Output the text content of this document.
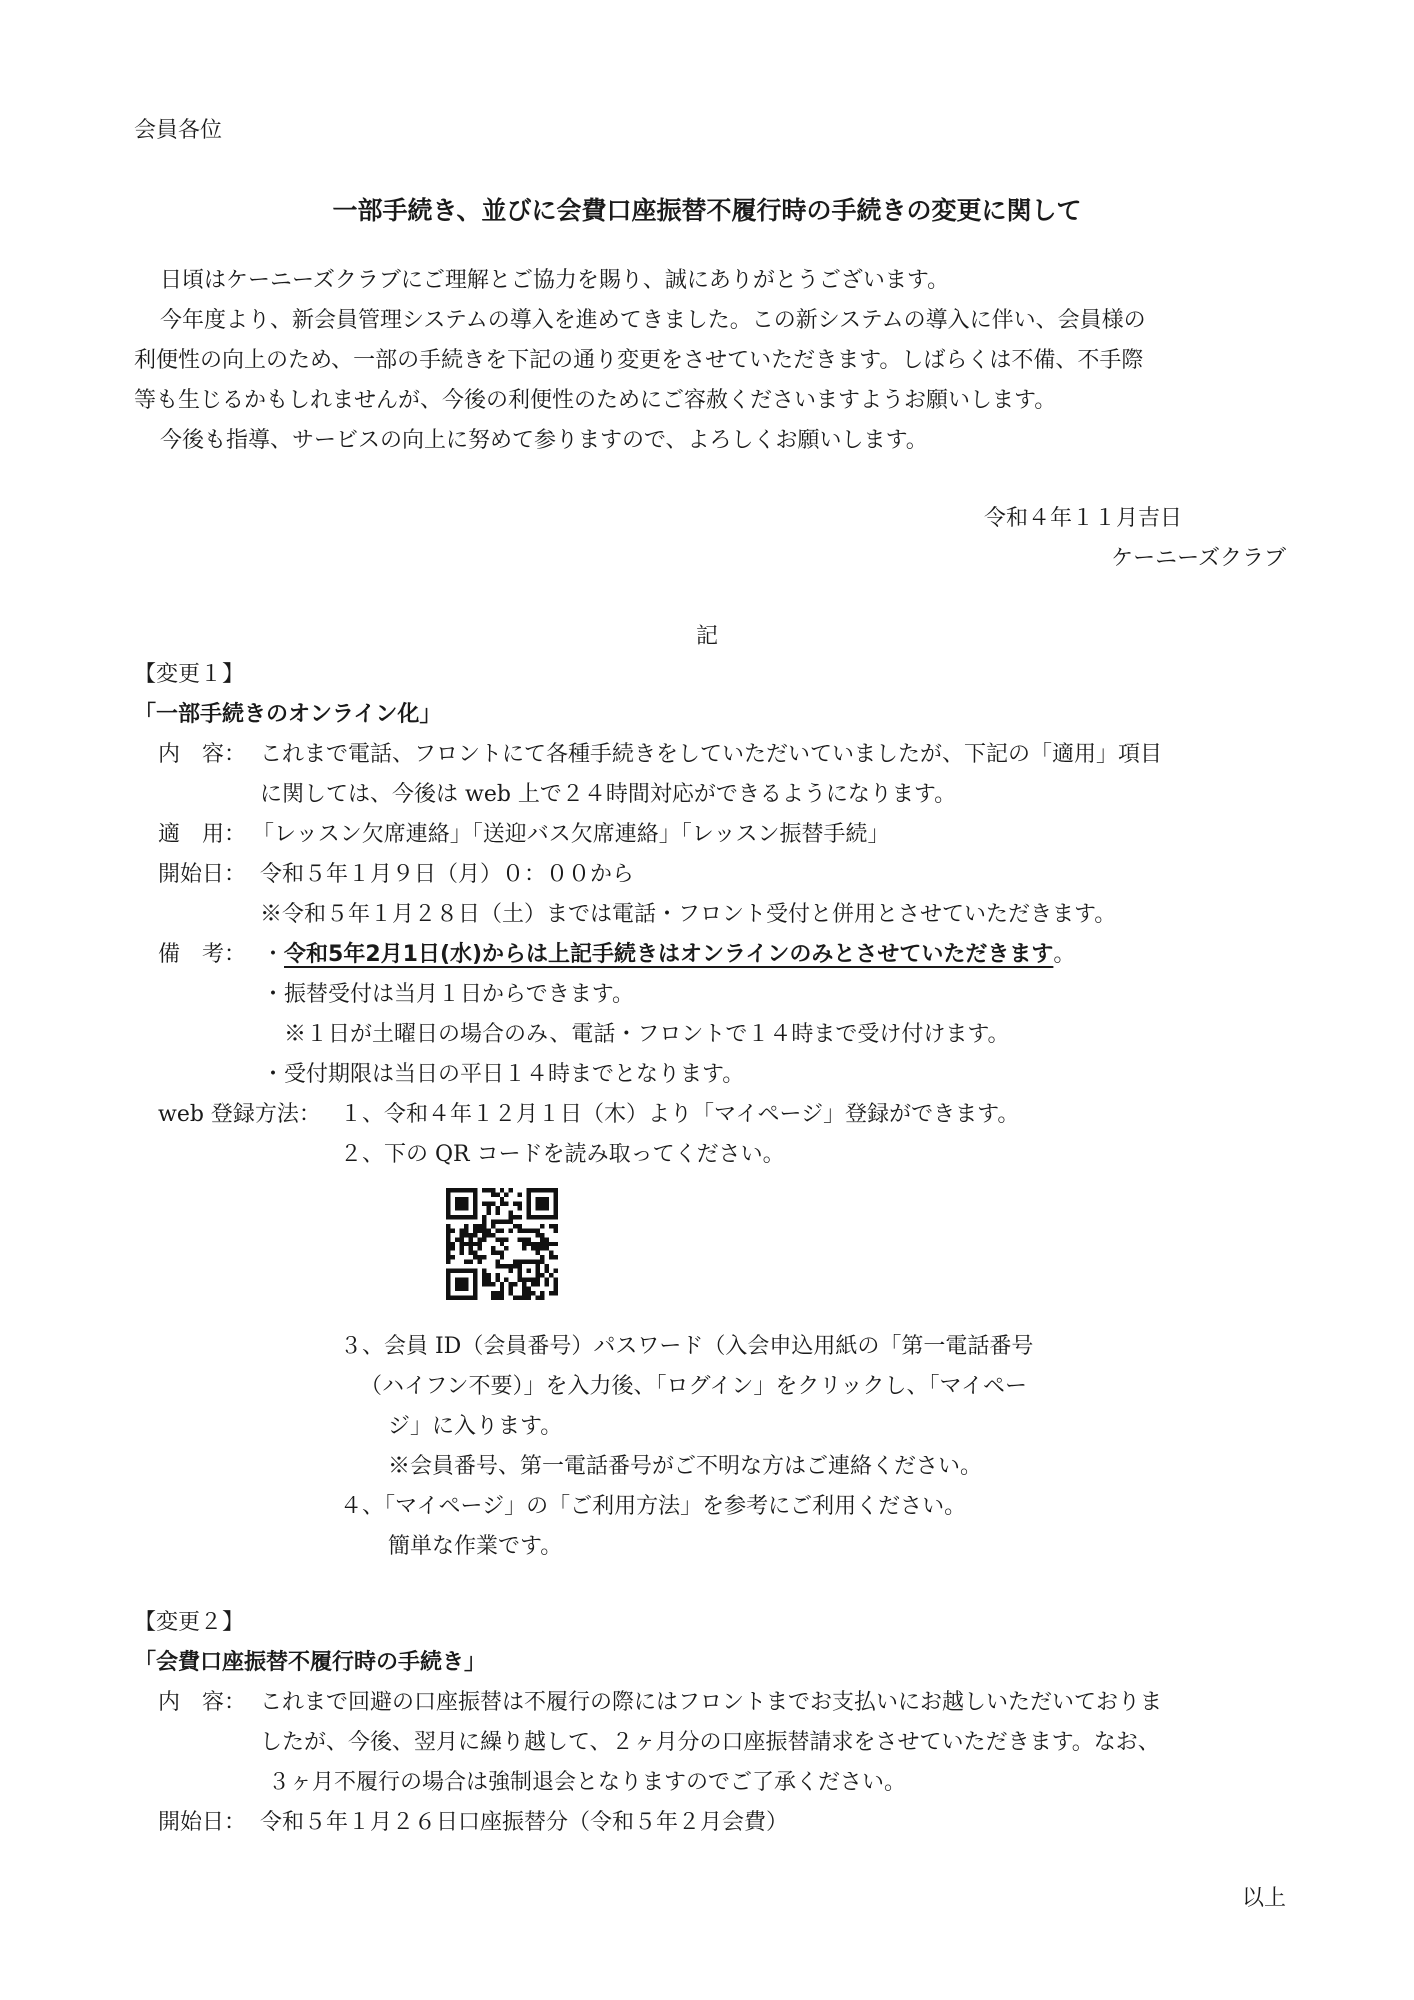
会員各位
一部手続き、並びに会費口座振替不履行時の手続きの変更に関して
日頃はケーニーズクラブにご理解とご協力を賜り、誠にありがとうございます。
今年度より、新会員管理システムの導入を進めてきました。この新システムの導入に伴い、会員様の
利便性の向上のため、一部の手続きを下記の通り変更をさせていただきます。しばらくは不備、不手際
等も生じるかもしれませんが、今後の利便性のためにご容赦くださいますようお願いします。
今後も指導、サービスの向上に努めて参りますので、よろしくお願いします。
令和４年１１月吉日
ケーニーズクラブ
記
【変更１】
「一部手続きのオンライン化」
内　容： これまで電話、フロントにて各種手続きをしていただいていましたが、下記の「適用」項目
に関しては、今後は web 上で２４時間対応ができるようになります。
適　用： 「レッスン欠席連絡」「送迎バス欠席連絡」「レッスン振替手続」
開始日： 令和５年１月９日（月）０：００から
※令和５年１月２８日（土）までは電話・フロント受付と併用とさせていただきます。
備　考： ・令和5年2月1日(水)からは上記手続きはオンラインのみとさせていただきます。
・振替受付は当月１日からできます。
※１日が土曜日の場合のみ、電話・フロントで１４時まで受け付けます。
・受付期限は当日の平日１４時までとなります。
web 登録方法： １、令和４年１２月１日（木）より「マイページ」登録ができます。
２、下の QR コードを読み取ってください。
３、会員 ID（会員番号）パスワード（入会申込用紙の「第一電話番号
（ハイフン不要）」を入力後、「ログイン」をクリックし、「マイペー
ジ」に入ります。
※会員番号、第一電話番号がご不明な方はご連絡ください。
４、「マイページ」の「ご利用方法」を参考にご利用ください。
簡単な作業です。
【変更２】
「会費口座振替不履行時の手続き」
内　容： これまで回避の口座振替は不履行の際にはフロントまでお支払いにお越しいただいておりま
したが、今後、翌月に繰り越して、２ヶ月分の口座振替請求をさせていただきます。なお、
３ヶ月不履行の場合は強制退会となりますのでご了承ください。
開始日： 令和５年１月２６日口座振替分（令和５年２月会費）
以上
